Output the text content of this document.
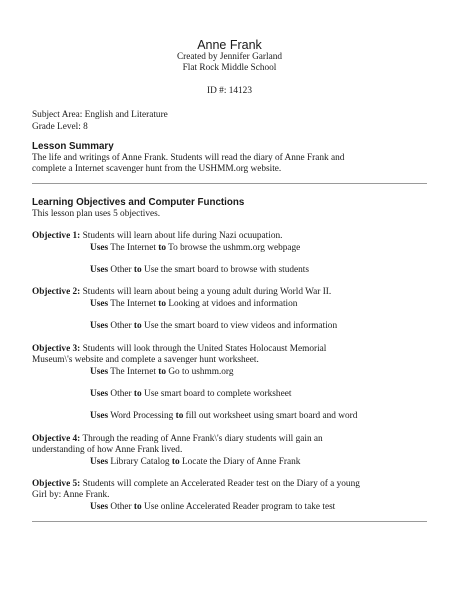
Anne Frank

Created by Jennifer Garland

Flat Rock Middle School

ID #: 14123

Subject Area: English and Literature

Grade Level: 8

Lesson Summary

The life and writings of Anne Frank. Students will read the diary of Anne Frank and

complete a Internet scavenger hunt from the USHMM.org website.

Learning Objectives and Computer Functions

This lesson plan uses 5 objectives.

Objective 1: Students will learn about life during Nazi ocuupation.

Uses The Internet to To browse the ushmm.org webpage

Uses Other to Use the smart board to browse with students

Objective 2: Students will learn about being a young adult during World War II.

Uses The Internet to Looking at vidoes and information

Uses Other to Use the smart board to view videos and information

Objective 3: Students will look through the United States Holocaust Memorial

Museum\'s website and complete a savenger hunt worksheet.

Uses The Internet to Go to ushmm.org

Uses Other to Use smart board to complete worksheet

Uses Word Processing to fill out worksheet using smart board and word

Objective 4: Through the reading of Anne Frank\'s diary students will gain an

understanding of how Anne Frank lived.

Uses Library Catalog to Locate the Diary of Anne Frank

Objective 5: Students will complete an Accelerated Reader test on the Diary of a young

Girl by: Anne Frank.

Uses Other to Use online Accelerated Reader program to take test
